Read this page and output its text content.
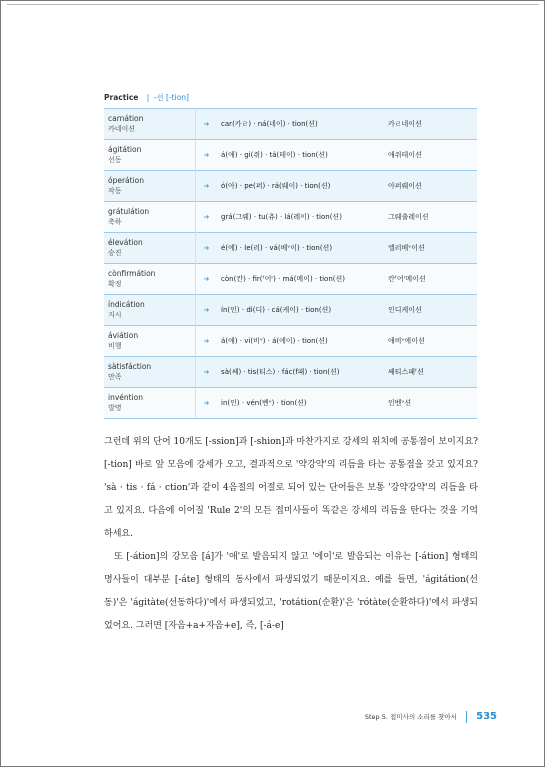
Practice | -션 [-tion]
carnátion
카네이션	➜	car(카ㄹ) · ná(네이) · tion(션)	카ㄹ네이션

ágitátion
선동	➜	á(애) · gi(쥐) · tá(테이) · tion(션)	애쥐테이션

óperátion
작동	➜	ó(아) · pe(퍼) · rá(뤠이) · tion(션)	아퍼뤠이션

grátulátion
축하	➜	grá(그뤠) · tu(츄) · lá(레이) · tion(션)	그뤠츌레이션

élevátion
승진	➜	é(에) · le(러) · vá(베ᵛ이) · tion(션)	엘러베ᵛ이션

cònfirmátion
확정	➜	còn(칸) · fir(ᶠ어ʳ) · má(메이) · tion(션)	칸ᶠ어ʳ메이션

índicátion
지시	➜	ín(인) · di(디) · cá(케이) · tion(션)	인디케이션

áviátion
비행	➜	á(애) · vi(비ᵛ) · á(에이) · tion(션)	애비ᵛ에이션

sàtisfáction
만족	➜	sà(쌔) · tis(티스) · fác(f패) · tion(션)	쌔티스패ᶠ션

invéntion
발명	➜	in(인) · vén(벤ᵛ) · tion(션)	인벤ᵛ션

그런데 위의 단어 10개도 [-ssion]과 [-shion]과 마찬가지로 강세의 위치에 공통점이 보이지요? [-tion] 바로 앞 모음에 강세가 오고, 결과적으로 '약강약'의 리듬을 타는 공통점을 갖고 있지요? 'sà · tis · fá · ction'과 같이 4음절의 어절로 되어 있는 단어들은 보통 '강약강약'의 리듬을 타고 있지요. 다음에 이어질 'Rule 2'의 모든 접미사들이 똑같은 강세의 리듬을 탄다는 것을 기억하세요.

또 [-átion]의 강모음 [á]가 '애'로 발음되지 않고 '에이'로 발음되는 이유는 [-átion] 형태의 명사들이 대부분 [-áte] 형태의 동사에서 파생되었기 때문이지요. 예를 들면, 'ágitátion(선동)'은 'ágitàte(선동하다)'에서 파생되었고, 'rotátion(순환)'은 'rótàte(순환하다)'에서 파생되었어요. 그러면 [자음+a+자음+e], 즉, [-á-e]

Step 5. 접미사의 소리를 찾아서 535
